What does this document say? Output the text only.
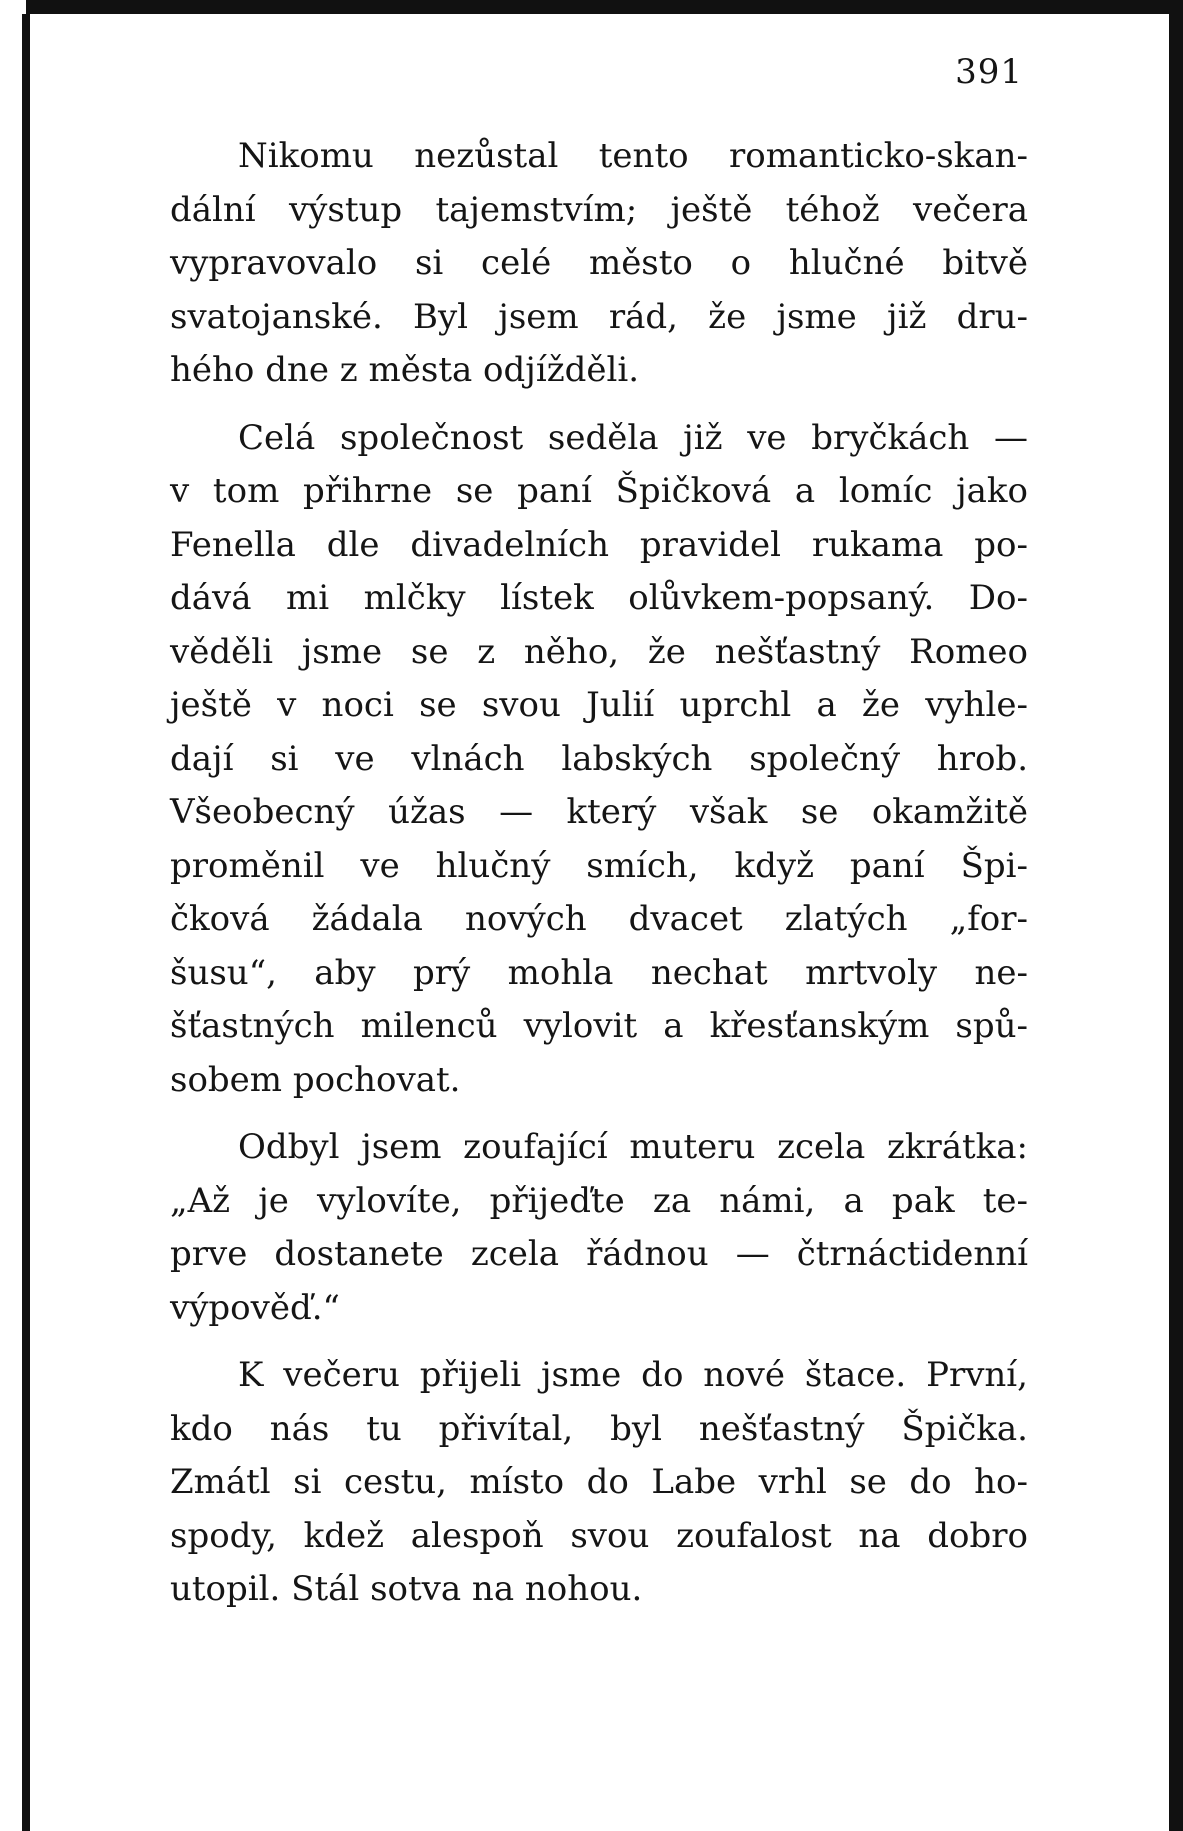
391
Nikomu nezůstal tento romanticko-skan-
dální výstup tajemstvím; ještě téhož večera
vypravovalo si celé město o hlučné bitvě
svatojanské. Byl jsem rád, že jsme již dru-
hého dne z města odjížděli.
Celá společnost seděla již ve bryčkách —
v tom přihrne se paní Špičková a lomíc jako
Fenella dle divadelních pravidel rukama po-
dává mi mlčky lístek olůvkem-popsaný. Do-
věděli jsme se z něho, že nešťastný Romeo
ještě v noci se svou Julií uprchl a že vyhle-
dají si ve vlnách labských společný hrob.
Všeobecný úžas — který však se okamžitě
proměnil ve hlučný smích, když paní Špi-
čková žádala nových dvacet zlatých „for-
šusu“, aby prý mohla nechat mrtvoly ne-
šťastných milenců vylovit a křesťanským spů-
sobem pochovat.
Odbyl jsem zoufající muteru zcela zkrátka:
„Až je vylovíte, přijeďte za námi, a pak te-
prve dostanete zcela řádnou — čtrnáctidenní
výpověď.“
K večeru přijeli jsme do nové štace. První,
kdo nás tu přivítal, byl nešťastný Špička.
Zmátl si cestu, místo do Labe vrhl se do ho-
spody, kdež alespoň svou zoufalost na dobro
utopil. Stál sotva na nohou.
